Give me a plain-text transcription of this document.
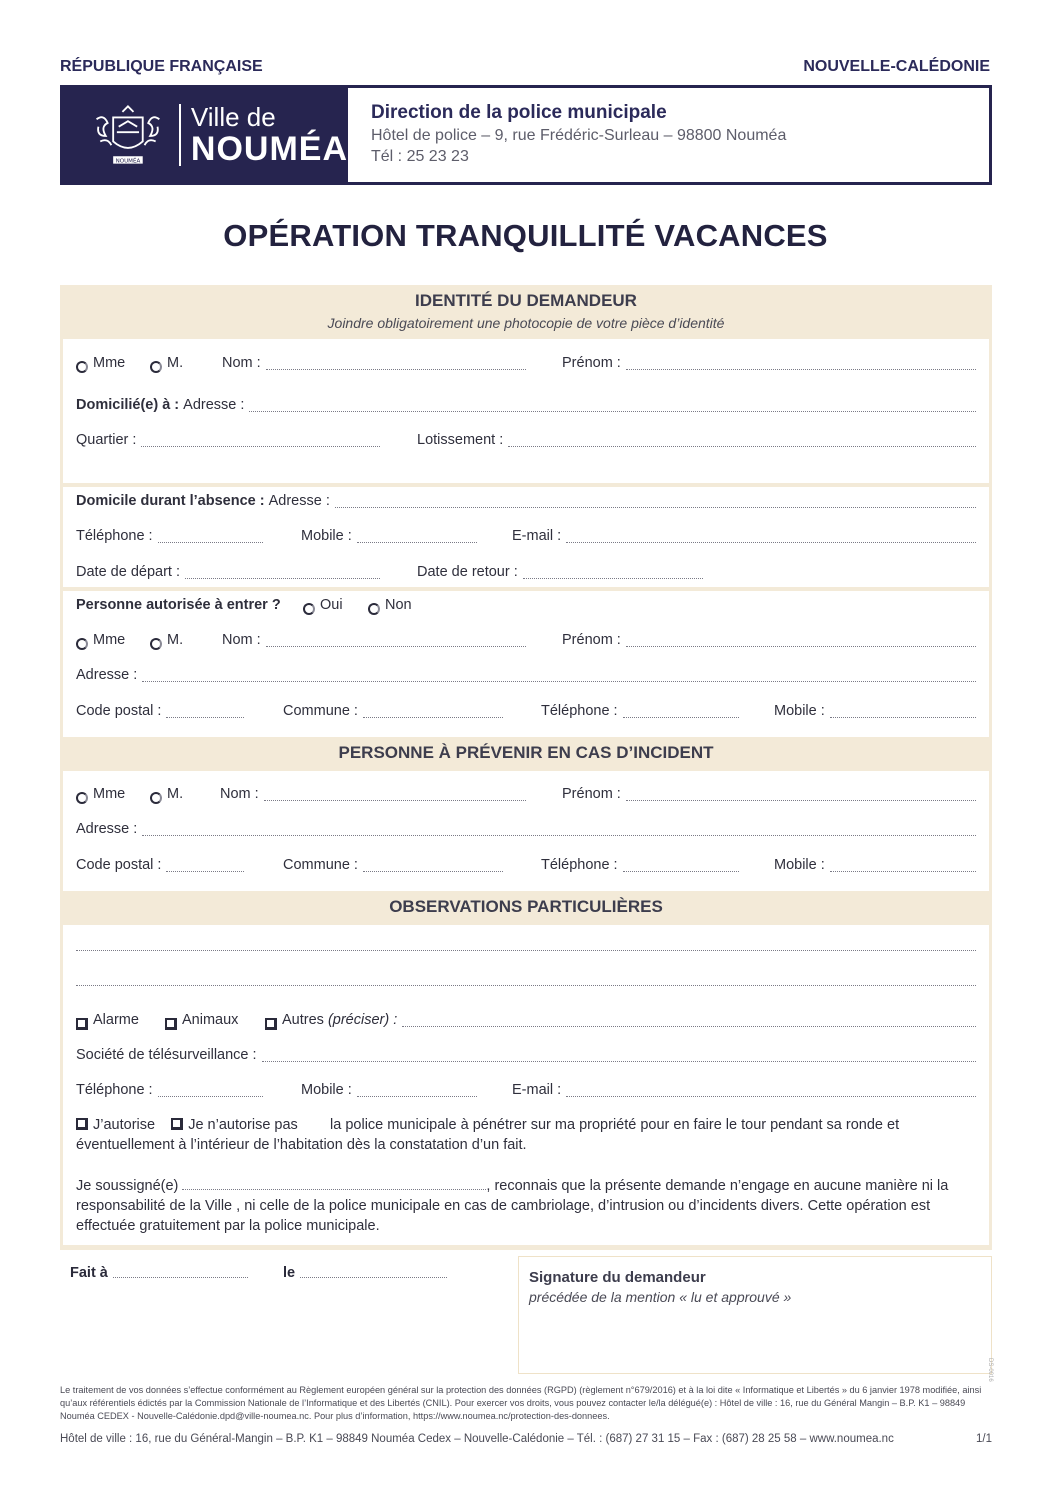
RÉPUBLIQUE FRANÇAISE	NOUVELLE-CALÉDONIE
NOUMÉA
Ville de
NOUMÉA
Direction de la police municipale
Hôtel de police – 9, rue Frédéric-Surleau – 98800 Nouméa
Tél : 25 23 23
OPÉRATION TRANQUILLITÉ VACANCES
IDENTITÉ DU DEMANDEUR
Joindre obligatoirement une photocopie de votre pièce d’identité
Mme	M.	Nom :	Prénom :
Domicilié(e) à :
Adresse :
Quartier :	Lotissement :
Domicile durant l’absence :
Adresse :
Téléphone :	Mobile :	E-mail :
Date de départ :	Date de retour :
Personne autorisée à entrer ?	Oui	Non
Mme	M.	Nom :	Prénom :
Adresse :
Code postal :	Commune :	Téléphone :	Mobile :
PERSONNE À PRÉVENIR EN CAS D’INCIDENT
Mme	M.	Nom :	Prénom :
Adresse :
Code postal :	Commune :	Téléphone :	Mobile :
OBSERVATIONS PARTICULIÈRES
Alarme	Animaux	Autres
(préciser) :
Société de télésurveillance :
Téléphone :	Mobile :	E-mail :
J’autorise Je n’autorise pas la police municipale à pénétrer sur ma propriété pour en faire le tour pendant sa ronde et
éventuellement à l’intérieur de l’habitation dès la constatation d’un fait.
Je soussigné(e)	, reconnais que la présente demande n’engage en aucune manière ni la
responsabilité de la Ville , ni celle de la police municipale en cas de cambriolage, d’intrusion ou d’incidents divers. Cette opération est effectuée gratuitement par la police municipale.
Fait à	le	Signature du demandeur
précédée de la mention « lu et approuvé »
DS-0016
Le traitement de vos données s’effectue conformément au Règlement européen général sur la protection des données (RGPD) (règlement n°679/2016) et à la loi dite « Informatique et Libertés » du 6 janvier 1978 modifiée, ainsi qu’aux référentiels édictés par la Commission Nationale de l’Informatique et des Libertés (CNIL). Pour exercer vos droits, vous pouvez contacter le/la délégué(e) : Hôtel de ville : 16, rue du Général Mangin – B.P. K1 – 98849 Nouméa CEDEX - Nouvelle-Calédonie.dpd@ville-noumea.nc. Pour plus d’information, https://www.noumea.nc/protection-des-donnees.
Hôtel de ville : 16, rue du Général-Mangin – B.P. K1 – 98849 Nouméa Cedex – Nouvelle-Calédonie – Tél. : (687) 27 31 15 – Fax : (687) 28 25 58 – www.noumea.nc	1/1
